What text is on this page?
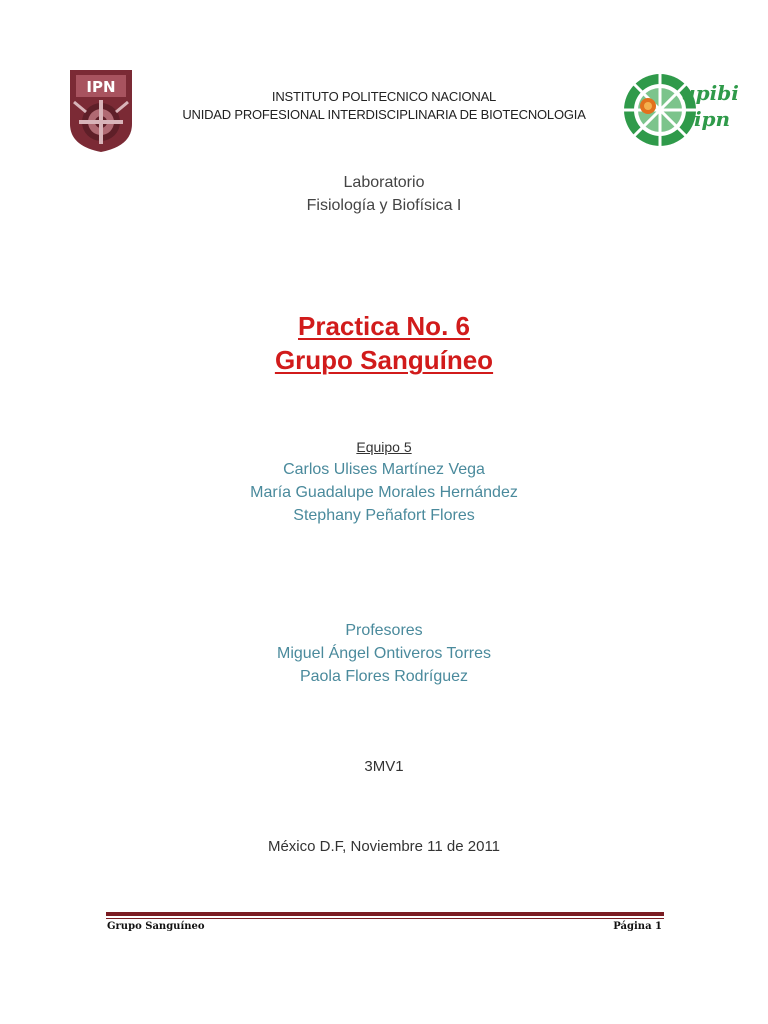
IPN	upibi
ipn
INSTITUTO POLITECNICO NACIONAL
UNIDAD PROFESIONAL INTERDISCIPLINARIA DE BIOTECNOLOGIA
Laboratorio
Fisiología y Biofísica I
Practica No. 6
Grupo Sanguíneo
Equipo 5
Carlos Ulises Martínez Vega
María Guadalupe Morales Hernández
Stephany Peñafort Flores
Profesores
Miguel Ángel Ontiveros Torres
Paola Flores Rodríguez
3MV1
México D.F, Noviembre 11 de 2011
Grupo Sanguíneo	Página 1
